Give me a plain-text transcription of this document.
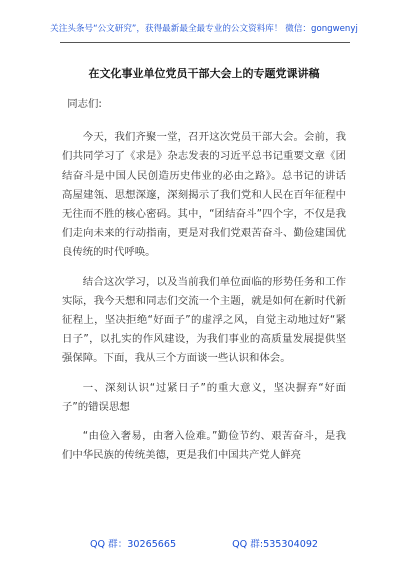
关注头条号“公文研究”，获得最新最全最专业的公文资料库！ 微信：gongwenyj
在文化事业单位党员干部大会上的专题党课讲稿

同志们:

今天，我们齐聚一堂，召开这次党员干部大会。会前，我们共同学习了《求是》杂志发表的习近平总书记重要文章《团结奋斗是中国人民创造历史伟业的必由之路》。总书记的讲话高屋建瓴、思想深邃，深刻揭示了我们党和人民在百年征程中无往而不胜的核心密码。其中，“团结奋斗”四个字，不仅是我们走向未来的行动指南，更是对我们党艰苦奋斗、勤俭建国优良传统的时代呼唤。

结合这次学习，以及当前我们单位面临的形势任务和工作实际，我今天想和同志们交流一个主题，就是如何在新时代新征程上，坚决拒绝“好面子”的虚浮之风，自觉主动地过好“紧日子”，以扎实的作风建设，为我们事业的高质量发展提供坚强保障。下面，我从三个方面谈一些认识和体会。

一、深刻认识“过紧日子”的重大意义，坚决摒弃“好面子”的错误思想

“由俭入奢易，由奢入俭难。”勤俭节约、艰苦奋斗，是我们中华民族的传统美德，更是我们中国共产党人鲜亮

QQ 群：30265665	QQ 群:535304092
